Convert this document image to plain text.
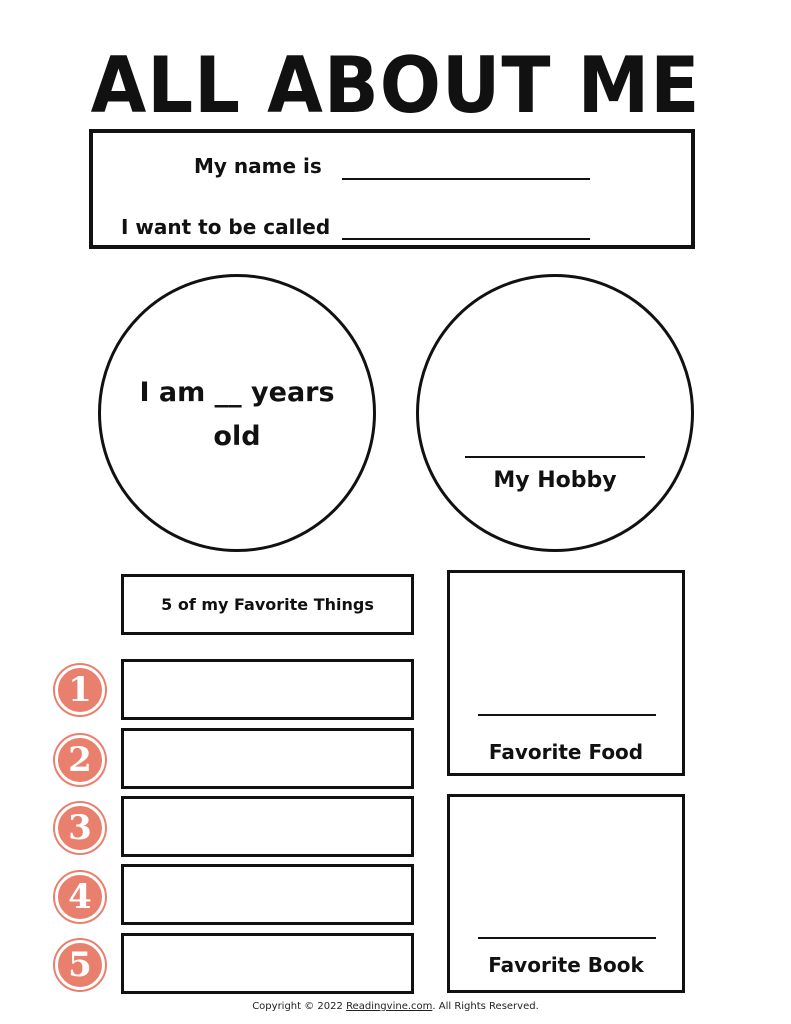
ALL ABOUT ME
My name is
I want to be called
I am __ years
old
My Hobby
5 of my Favorite Things
1
2
3
4
5
Favorite Food
Favorite Book
Copyright © 2022 Readingvine.com. All Rights Reserved.
